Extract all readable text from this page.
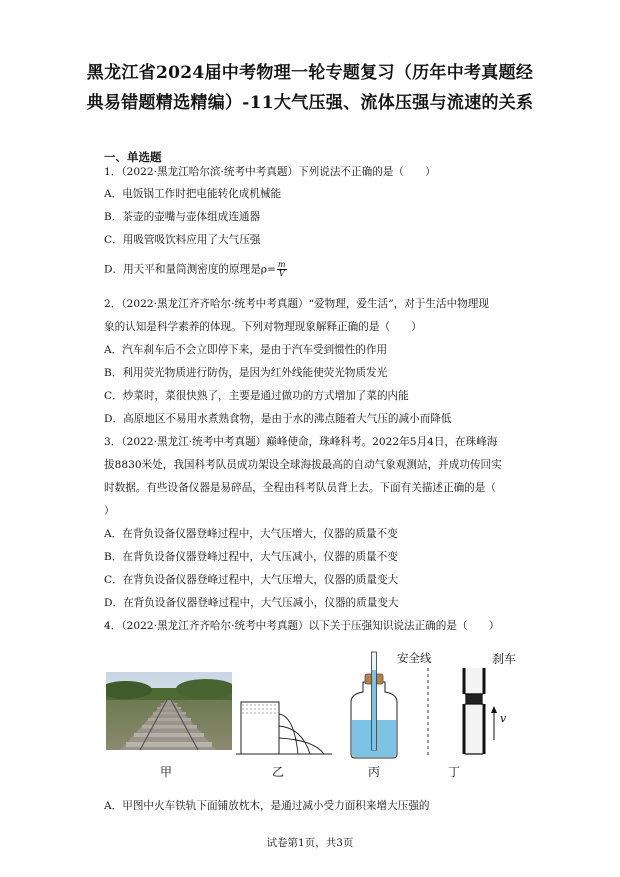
黑龙江省2024届中考物理一轮专题复习（历年中考真题经
典易错题精选精编）-11大气压强、流体压强与流速的关系
一、单选题
1．（2022·黑龙江哈尔滨·统考中考真题）下列说法不正确的是（　　）
A．电饭锅工作时把电能转化成机械能
B．茶壶的壶嘴与壶体组成连通器
C．用吸管吸饮料应用了大气压强
D．用天平和量筒测密度的原理是$\rho= \frac{m}{V}$
2．（2022·黑龙江齐齐哈尔·统考中考真题）“爱物理，爱生活”，对于生活中物理现
象的认知是科学素养的体现。下列对物理现象解释正确的是（　　）
A．汽车刹车后不会立即停下来，是由于汽车受到惯性的作用
B．利用荧光物质进行防伪，是因为红外线能使荧光物质发光
C．炒菜时，菜很快熟了，主要是通过做功的方式增加了菜的内能
D．高原地区不易用水煮熟食物，是由于水的沸点随着大气压的减小而降低
3．（2022·黑龙江·统考中考真题）巅峰使命，珠峰科考。2022年5月4日，在珠峰海
拔8830米处，我国科考队员成功架设全球海拔最高的自动气象观测站，并成功传回实
时数据。有些设备仪器是易碎品，全程由科考队员背上去。下面有关描述正确的是（
）
A．在背负设备仪器登峰过程中，大气压增大，仪器的质量不变
B．在背负设备仪器登峰过程中，大气压减小，仪器的质量不变
C．在背负设备仪器登峰过程中，大气压增大，仪器的质量变大
D．在背负设备仪器登峰过程中，大气压减小，仪器的质量变大
4．（2022·黑龙江齐齐哈尔·统考中考真题）以下关于压强知识说法正确的是（　　）
甲	乙	丙
安全线	刹车
v
丁
A．甲图中火车铁轨下面铺放枕木，是通过减小受力面积来增大压强的
试卷第1页，共3页
